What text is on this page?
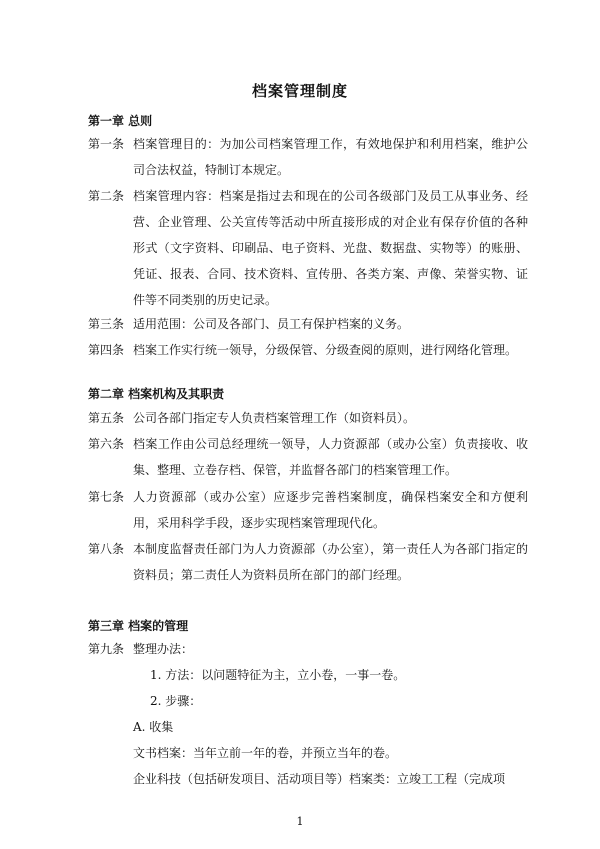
档案管理制度
第一章 总则
第一条 档案管理目的：为加公司档案管理工作，有效地保护和利用档案，维护公司合法权益，特制订本规定。
第二条 档案管理内容：档案是指过去和现在的公司各级部门及员工从事业务、经营、企业管理、公关宣传等活动中所直接形成的对企业有保存价值的各种形式（文字资料、印刷品、电子资料、光盘、数据盘、实物等）的账册、凭证、报表、合同、技术资料、宣传册、各类方案、声像、荣誉实物、证件等不同类别的历史记录。
第三条 适用范围：公司及各部门、员工有保护档案的义务。
第四条 档案工作实行统一领导，分级保管、分级查阅的原则，进行网络化管理。
第二章 档案机构及其职责
第五条 公司各部门指定专人负责档案管理工作（如资料员）。
第六条 档案工作由公司总经理统一领导，人力资源部（或办公室）负责接收、收集、整理、立卷存档、保管，并监督各部门的档案管理工作。
第七条 人力资源部（或办公室）应逐步完善档案制度，确保档案安全和方便利用，采用科学手段，逐步实现档案管理现代化。
第八条 本制度监督责任部门为人力资源部（办公室），第一责任人为各部门指定的资料员；第二责任人为资料员所在部门的部门经理。
第三章 档案的管理
第九条 整理办法：
1. 方法：以问题特征为主，立小卷，一事一卷。
2. 步骤：
A. 收集
文书档案：当年立前一年的卷，并预立当年的卷。
企业科技（包括研发项目、活动项目等）档案类：立竣工工程（完成项
1
